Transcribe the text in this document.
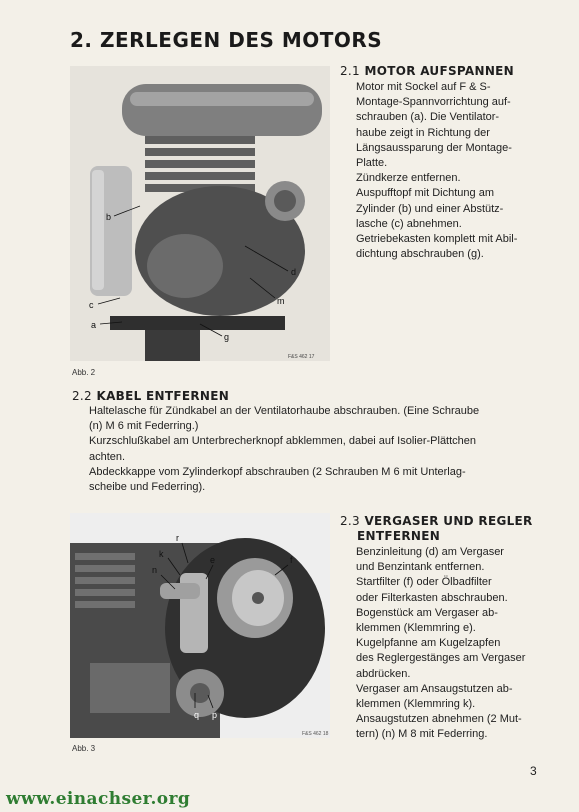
2. ZERLEGEN DES MOTORS
b
c
a
d
m
g
F&S 462 17
Abb. 2
2.1 MOTOR AUFSPANNEN

Motor mit Sockel auf F & S-

Montage-Spannvorrichtung auf-

schrauben (a). Die Ventilator-

haube zeigt in Richtung der

Längsaussparung der Montage-

Platte.

Zündkerze entfernen.

Auspufftopf mit Dichtung am

Zylinder (b) und einer Abstütz-

lasche (c) abnehmen.

Getriebekasten komplett mit Abil-

dichtung abschrauben (g).

2.2 KABEL ENTFERNEN

Haltelasche für Zündkabel an der Ventilatorhaube abschrauben. (Eine Schraube

(n) M 6 mit Federring.)

Kurzschlußkabel am Unterbrecherknopf abklemmen, dabei auf Isolier-Plättchen

achten.

Abdeckkappe vom Zylinderkopf abschrauben (2 Schrauben M 6 mit Unterlag-

scheibe und Federring).

r
k
n
e	f
q p
F&S 462 18
Abb. 3
2.3 VERGASER UND REGLER
ENTFERNEN

Benzinleitung (d) am Vergaser

und Benzintank entfernen.

Startfilter (f) oder Ölbadfilter

oder Filterkasten abschrauben.

Bogenstück am Vergaser ab-

klemmen (Klemmring e).

Kugelpfanne am Kugelzapfen

des Reglergestänges am Vergaser

abdrücken.

Vergaser am Ansaugstutzen ab-

klemmen (Klemmring k).

Ansaugstutzen abnehmen (2 Mut-

tern) (n) M 8 mit Federring.

3
www.einachser.org
